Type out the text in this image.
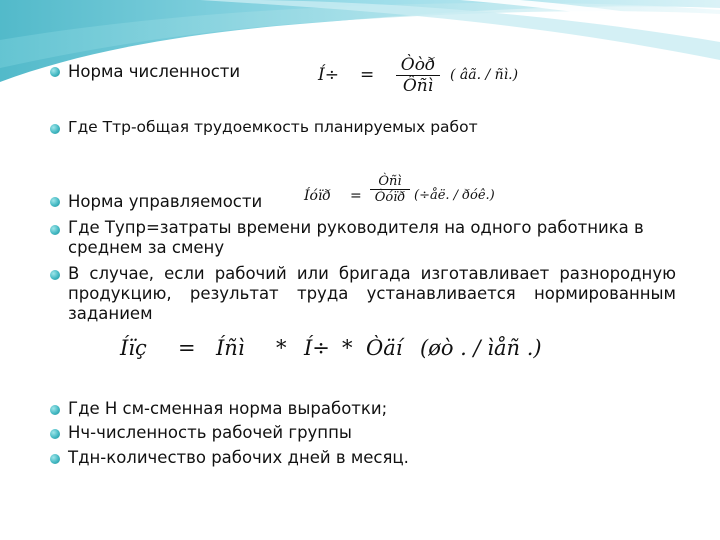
Норма численности	Í÷ = Òòð
Ôñì
( âã. / ñì.)
Где Ттр-общая трудоемкость планируемых работ
Норма управляемости	Íóïð =
Òñì
Òóïð (÷åë. / ðóê.)
Где Тупр=затраты времени руководителя на одного работника в среднем за смену
В случае, если рабочий или бригада изготавливает разнородную продукцию, результат труда устанавливается нормированным заданием
Íïç = Íñì * Í÷ * Òäí (øò . / ìåñ .)
Где Н см-сменная норма выработки;
Нч-численность рабочей группы
Тдн-количество рабочих дней в месяц.
